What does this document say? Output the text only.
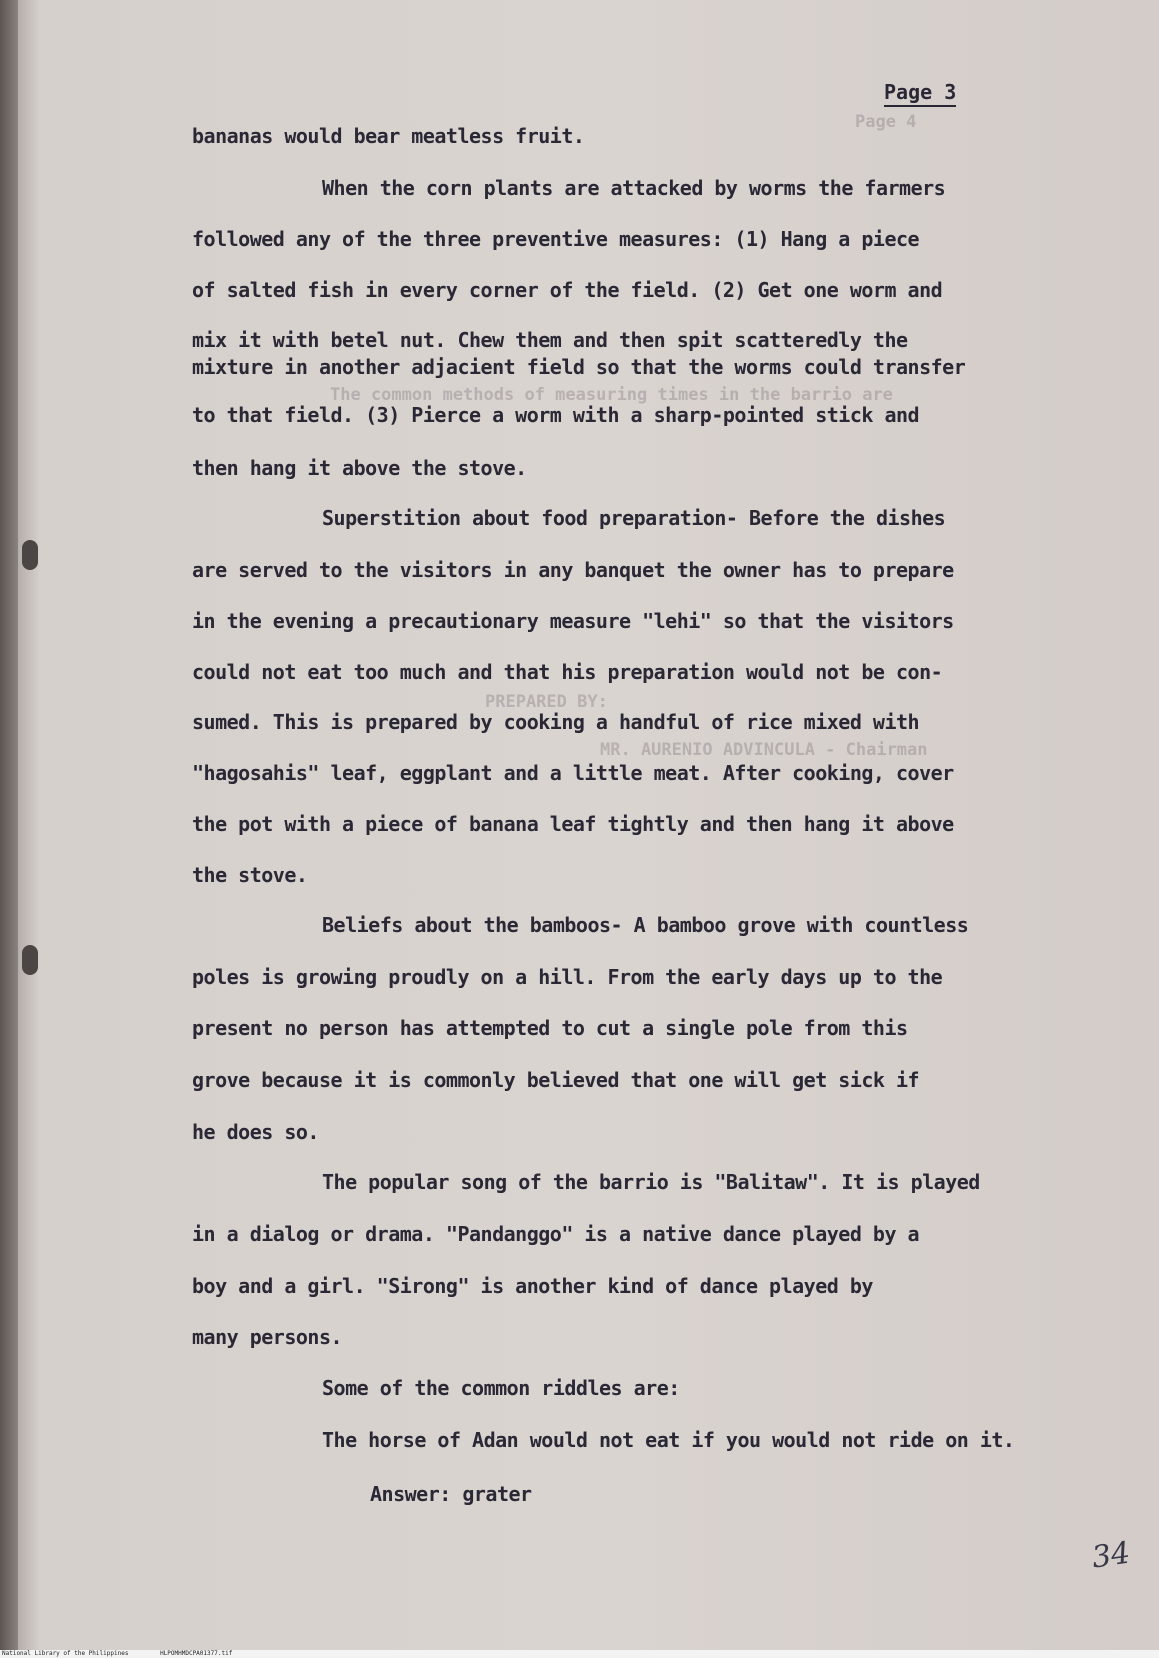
Page 4
The common methods of measuring times in the barrio are
PREPARED BY:
MR. AURENIO ADVINCULA - Chairman
Page 3
bananas would bear meatless fruit.
When the corn plants are attacked by worms the farmers
followed any of the three preventive measures: (1) Hang a piece
of salted fish in every corner of the field. (2) Get one worm and
mix it with betel nut. Chew them and then spit scatteredly the
mixture in another adjacient field so that the worms could transfer
to that field. (3) Pierce a worm with a sharp-pointed stick and
then hang it above the stove.
Superstition about food preparation- Before the dishes
are served to the visitors in any banquet the owner has to prepare
in the evening a precautionary measure "lehi" so that the visitors
could not eat too much and that his preparation would not be con-
sumed. This is prepared by cooking a handful of rice mixed with
"hagosahis" leaf, eggplant and a little meat. After cooking, cover
the pot with a piece of banana leaf tightly and then hang it above
the stove.
Beliefs about the bamboos- A bamboo grove with countless
poles is growing proudly on a hill. From the early days up to the
present no person has attempted to cut a single pole from this
grove because it is commonly believed that one will get sick if
he does so.
The popular song of the barrio is "Balitaw". It is played
in a dialog or drama. "Pandanggo" is a native dance played by a
boy and a girl. "Sirong" is another kind of dance played by
many persons.
Some of the common riddles are:
The horse of Adan would not eat if you would not ride on it.
Answer: grater
34
National Library of the Philippines	HLPOMHMDCPA01377.tif
